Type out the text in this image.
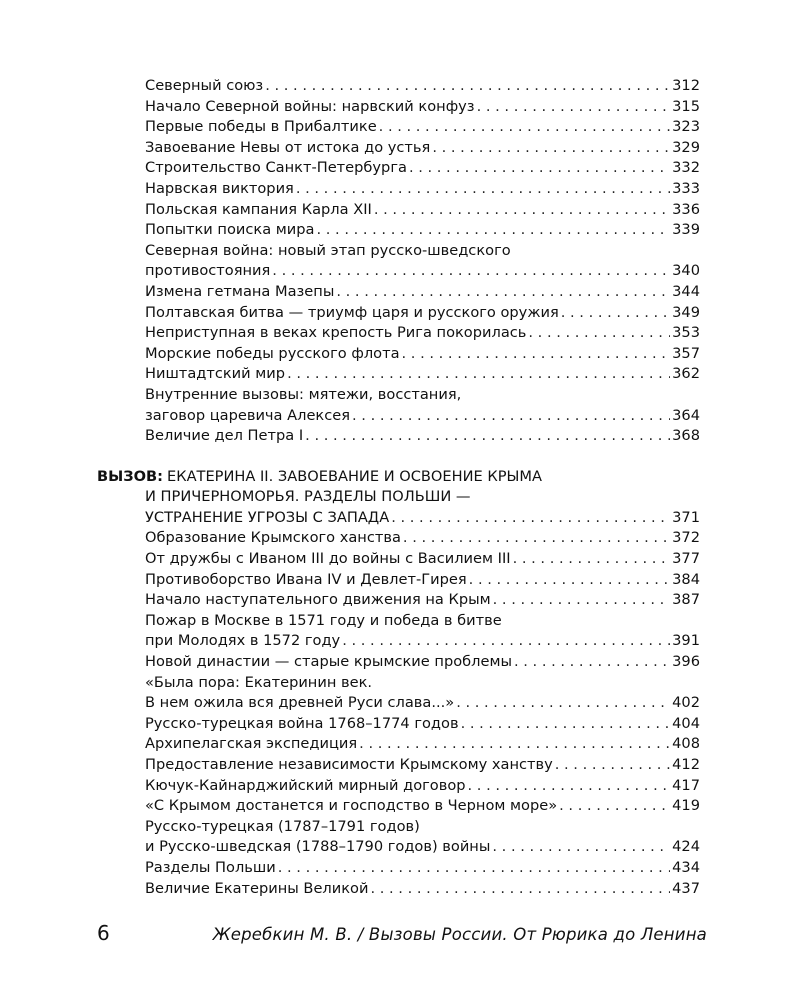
Северный союз . . .	312
Начало Северной войны: нарвский конфуз . . .	315
Первые победы в Прибалтике . . .	323
Завоевание Невы от истока до устья . . .	329
Строительство Санкт-Петербурга . . .	332
Нарвская виктория . . .	333
Польская кампания Карла XII . . .	336
Попытки поиска мира . . .	339
Северная война: новый этап русско-шведского
противостояния . . .	340
Измена гетмана Мазепы . . .	344
Полтавская битва — триумф царя и русского оружия . . .	349
Неприступная в веках крепость Рига покорилась . . .	353
Морские победы русского флота . . .	357
Ништадтский мир . . .	362
Внутренние вызовы: мятежи, восстания,
заговор царевича Алексея . . .	364
Величие дел Петра I . . .	368
ВЫЗОВ: ЕКАТЕРИНА II. ЗАВОЕВАНИЕ И ОСВОЕНИЕ КРЫМА
И ПРИЧЕРНОМОРЬЯ. РАЗДЕЛЫ ПОЛЬШИ —
УСТРАНЕНИЕ УГРОЗЫ С ЗАПАДА . . .	371
Образование Крымского ханства . . .	372
От дружбы с Иваном III до войны с Василием III . . .	377
Противоборство Ивана IV и Девлет-Гирея . . .	384
Начало наступательного движения на Крым . . .	387
Пожар в Москве в 1571 году и победа в битве
при Молодях в 1572 году . . .	391
Новой династии — старые крымские проблемы . . .	396
«Была пора: Екатеринин век.
В нем ожила вся древней Руси слава...» . . .	402
Русско-турецкая война 1768–1774 годов . . .	404
Архипелагская экспедиция . . .	408
Предоставление независимости Крымскому ханству . . .	412
Кючук-Кайнарджийский мирный договор . . .	417
«С Крымом достанется и господство в Черном море» . . .	419
Русско-турецкая (1787–1791 годов)
и Русско-шведская (1788–1790 годов) войны . . .	424
Разделы Польши . . .	434
Величие Екатерины Великой . . .	437
6	Жеребкин М. В. / Вызовы России. От Рюрика до Ленина
